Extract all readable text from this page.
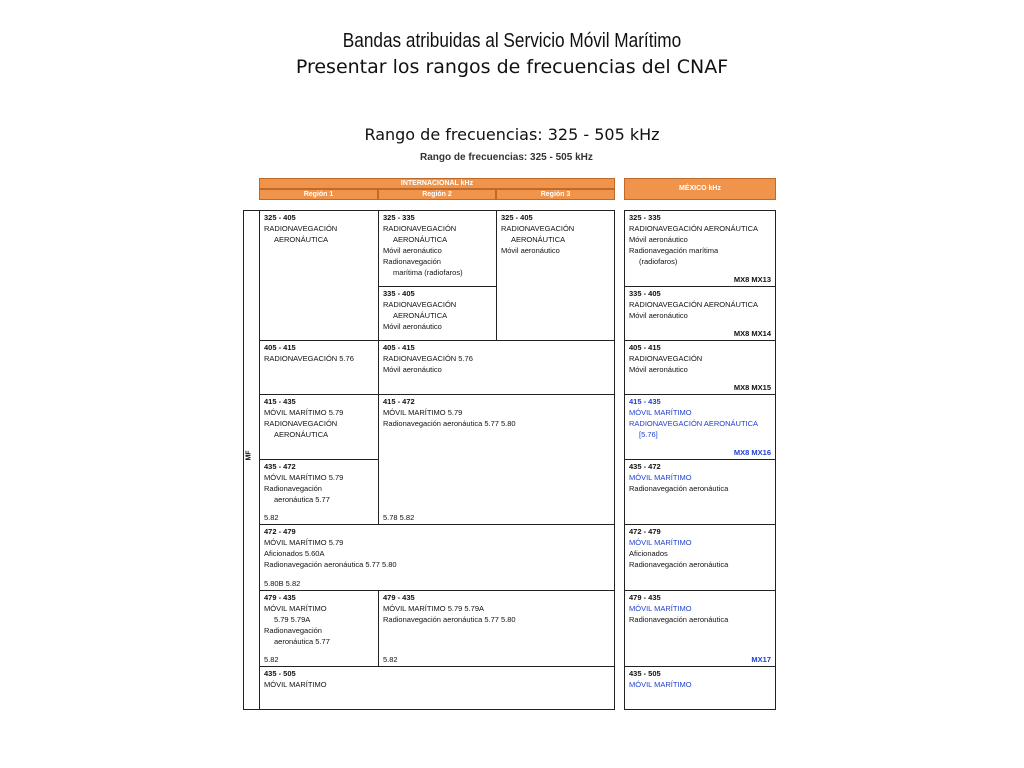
Bandas atribuidas al Servicio Móvil Marítimo
Presentar los rangos de frecuencias del CNAF
Rango de frecuencias: 325 - 505 kHz
Rango de frecuencias: 325 - 505 kHz
INTERNACIONAL kHz
Región 1	Región 2	Región 3
MÉXICO kHz
MF
325 - 405
RADIONAVEGACIÓN
AERONÁUTICA
405 - 415
RADIONAVEGACIÓN 5.76
415 - 435
MÓVIL MARÍTIMO 5.79
RADIONAVEGACIÓN
AERONÁUTICA
435 - 472
MÓVIL MARÍTIMO 5.79
Radionavegación
aeronáutica 5.77
5.82
479 - 435
MÓVIL MARÍTIMO
5.79 5.79A
Radionavegación
aeronáutica 5.77
5.82
325 - 335
RADIONAVEGACIÓN
AERONÁUTICA
Móvil aeronáutico
Radionavegación
marítima (radiofaros)
335 - 405
RADIONAVEGACIÓN
AERONÁUTICA
Móvil aeronáutico
405 - 415
RADIONAVEGACIÓN 5.76
Móvil aeronáutico
415 - 472
MÓVIL MARÍTIMO 5.79
Radionavegación aeronáutica 5.77 5.80
5.78 5.82
479 - 435
MÓVIL MARÍTIMO 5.79 5.79A
Radionavegación aeronáutica 5.77 5.80
5.82
325 - 405
RADIONAVEGACIÓN
AERONÁUTICA
Móvil aeronáutico
472 - 479
MÓVIL MARÍTIMO 5.79
Aficionados 5.60A
Radionavegación aeronáutica 5.77 5.80
5.80B 5.82
435 - 505
MÓVIL MARÍTIMO
325 - 335
RADIONAVEGACIÓN AERONÁUTICA
Móvil aeronáutico
Radionavegación marítima
(radiofaros)
MX8 MX13
335 - 405
RADIONAVEGACIÓN AERONÁUTICA
Móvil aeronáutico
MX8 MX14
405 - 415
RADIONAVEGACIÓN
Móvil aeronáutico
MX8 MX15
415 - 435
MÓVIL MARÍTIMO
RADIONAVEGACIÓN AERONÁUTICA
[5.76]
MX8 MX16
435 - 472
MÓVIL MARÍTIMO
Radionavegación aeronáutica
472 - 479
MÓVIL MARÍTIMO
Aficionados
Radionavegación aeronáutica
479 - 435
MÓVIL MARÍTIMO
Radionavegación aeronáutica
MX17
435 - 505
MÓVIL MARÍTIMO
